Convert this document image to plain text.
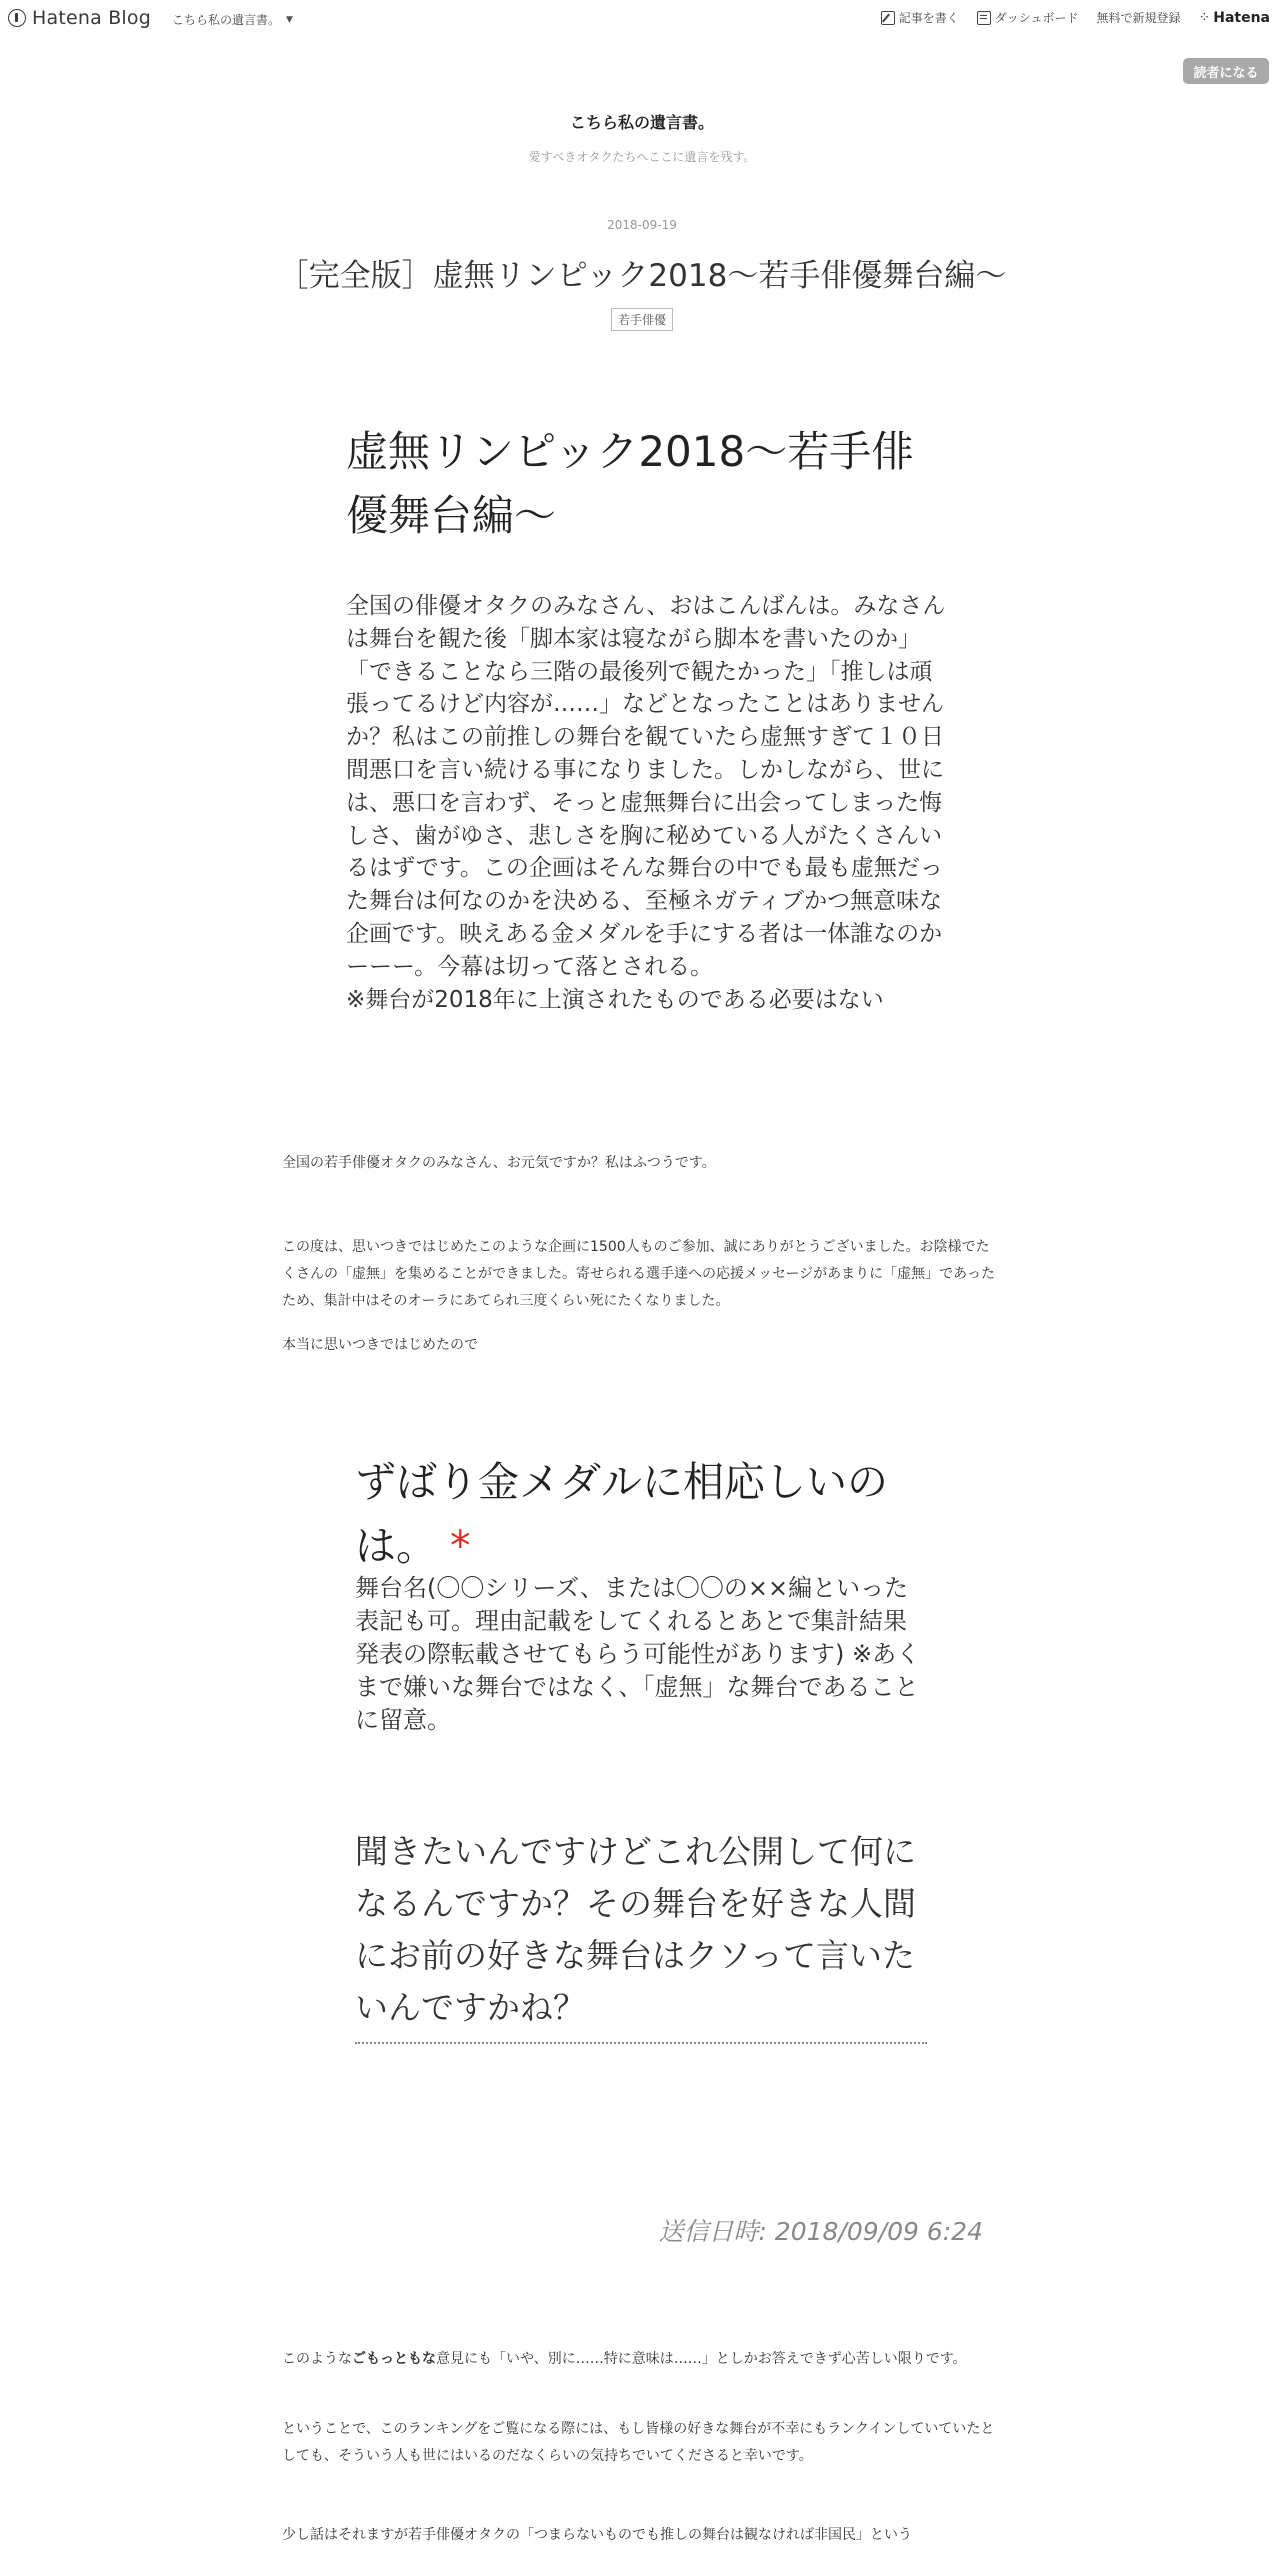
Hatena Blog こちら私の遺言書。 ▼	記事を書く	ダッシュボード 無料で新規登録 ⁘ Hatena
読者になる
こちら私の遺言書。
愛すべきオタクたちへここに遺言を残す。
2018-09-19
［完全版］虚無リンピック2018〜若手俳優舞台編〜
若手俳優
虚無リンピック2018〜若手俳優舞台編〜
全国の俳優オタクのみなさん、おはこんばんは。みなさんは舞台を観た後「脚本家は寝ながら脚本を書いたのか」「できることなら三階の最後列で観たかった」「推しは頑張ってるけど内容が……」などとなったことはありませんか？私はこの前推しの舞台を観ていたら虚無すぎて１０日間悪口を言い続ける事になりました。しかしながら、世には、悪口を言わず、そっと虚無舞台に出会ってしまった悔しさ、歯がゆさ、悲しさを胸に秘めている人がたくさんいるはずです。この企画はそんな舞台の中でも最も虚無だった舞台は何なのかを決める、至極ネガティブかつ無意味な企画です。映えある金メダルを手にする者は一体誰なのかーーー。今幕は切って落とされる。
※舞台が2018年に上演されたものである必要はない
全国の若手俳優オタクのみなさん、お元気ですか？私はふつうです。
この度は、思いつきではじめたこのような企画に1500人ものご参加、誠にありがとうございました。お陰様でたくさんの「虚無」を集めることができました。寄せられる選手達への応援メッセージがあまりに「虚無」であったため、集計中はそのオーラにあてられ三度くらい死にたくなりました。
本当に思いつきではじめたので
ずばり金メダルに相応しいのは。 *
舞台名(〇〇シリーズ、または〇〇の××編といった表記も可。理由記載をしてくれるとあとで集計結果発表の際転載させてもらう可能性があります) ※あくまで嫌いな舞台ではなく、「虚無」な舞台であることに留意。
聞きたいんですけどこれ公開して何になるんですか？その舞台を好きな人間にお前の好きな舞台はクソって言いたいんですかね？
送信日時: 2018/09/09 6:24
このようなごもっともな意見にも「いや、別に……特に意味は……」としかお答えできず心苦しい限りです。
ということで、このランキングをご覧になる際には、もし皆様の好きな舞台が不幸にもランクインしていていたとしても、そういう人も世にはいるのだなくらいの気持ちでいてくださると幸いです。
少し話はそれますが若手俳優オタクの「つまらないものでも推しの舞台は観なければ非国民」という
